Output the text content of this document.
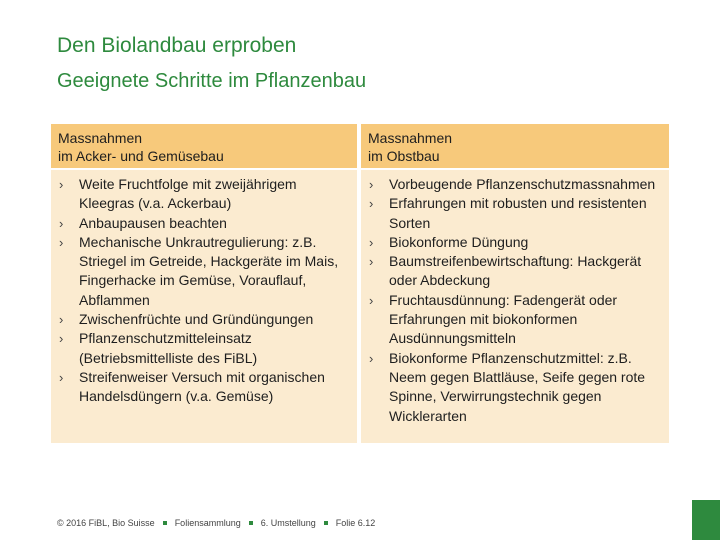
Den Biolandbau erproben
Geeignete Schritte im Pflanzenbau
Massnahmen
im Acker- und Gemüsebau
Massnahmen
im Obstbau
› Weite Fruchtfolge mit zweijährigem Kleegras (v.a. Ackerbau)
› Anbaupausen beachten
› Mechanische Unkrautregulierung: z.B. Striegel im Getreide, Hackgeräte im Mais, Fingerhacke im Gemüse, Vorauflauf, Abflammen
› Zwischenfrüchte und Gründüngungen
› Pflanzenschutzmitteleinsatz (Betriebsmittelliste des FiBL)
› Streifenweiser Versuch mit organischen Handelsdüngern (v.a. Gemüse)
› Vorbeugende Pflanzenschutzmassnahmen
› Erfahrungen mit robusten und resistenten Sorten
› Biokonforme Düngung
› Baumstreifenbewirtschaftung: Hackgerät oder Abdeckung
› Fruchtausdünnung: Fadengerät oder Erfahrungen mit biokonformen Ausdünnungsmitteln
› Biokonforme Pflanzenschutzmittel: z.B. Neem gegen Blattläuse, Seife gegen rote Spinne, Verwirrungstechnik gegen Wicklerarten
© 2016 FiBL, Bio Suisse Foliensammlung 6. Umstellung Folie 6.12
